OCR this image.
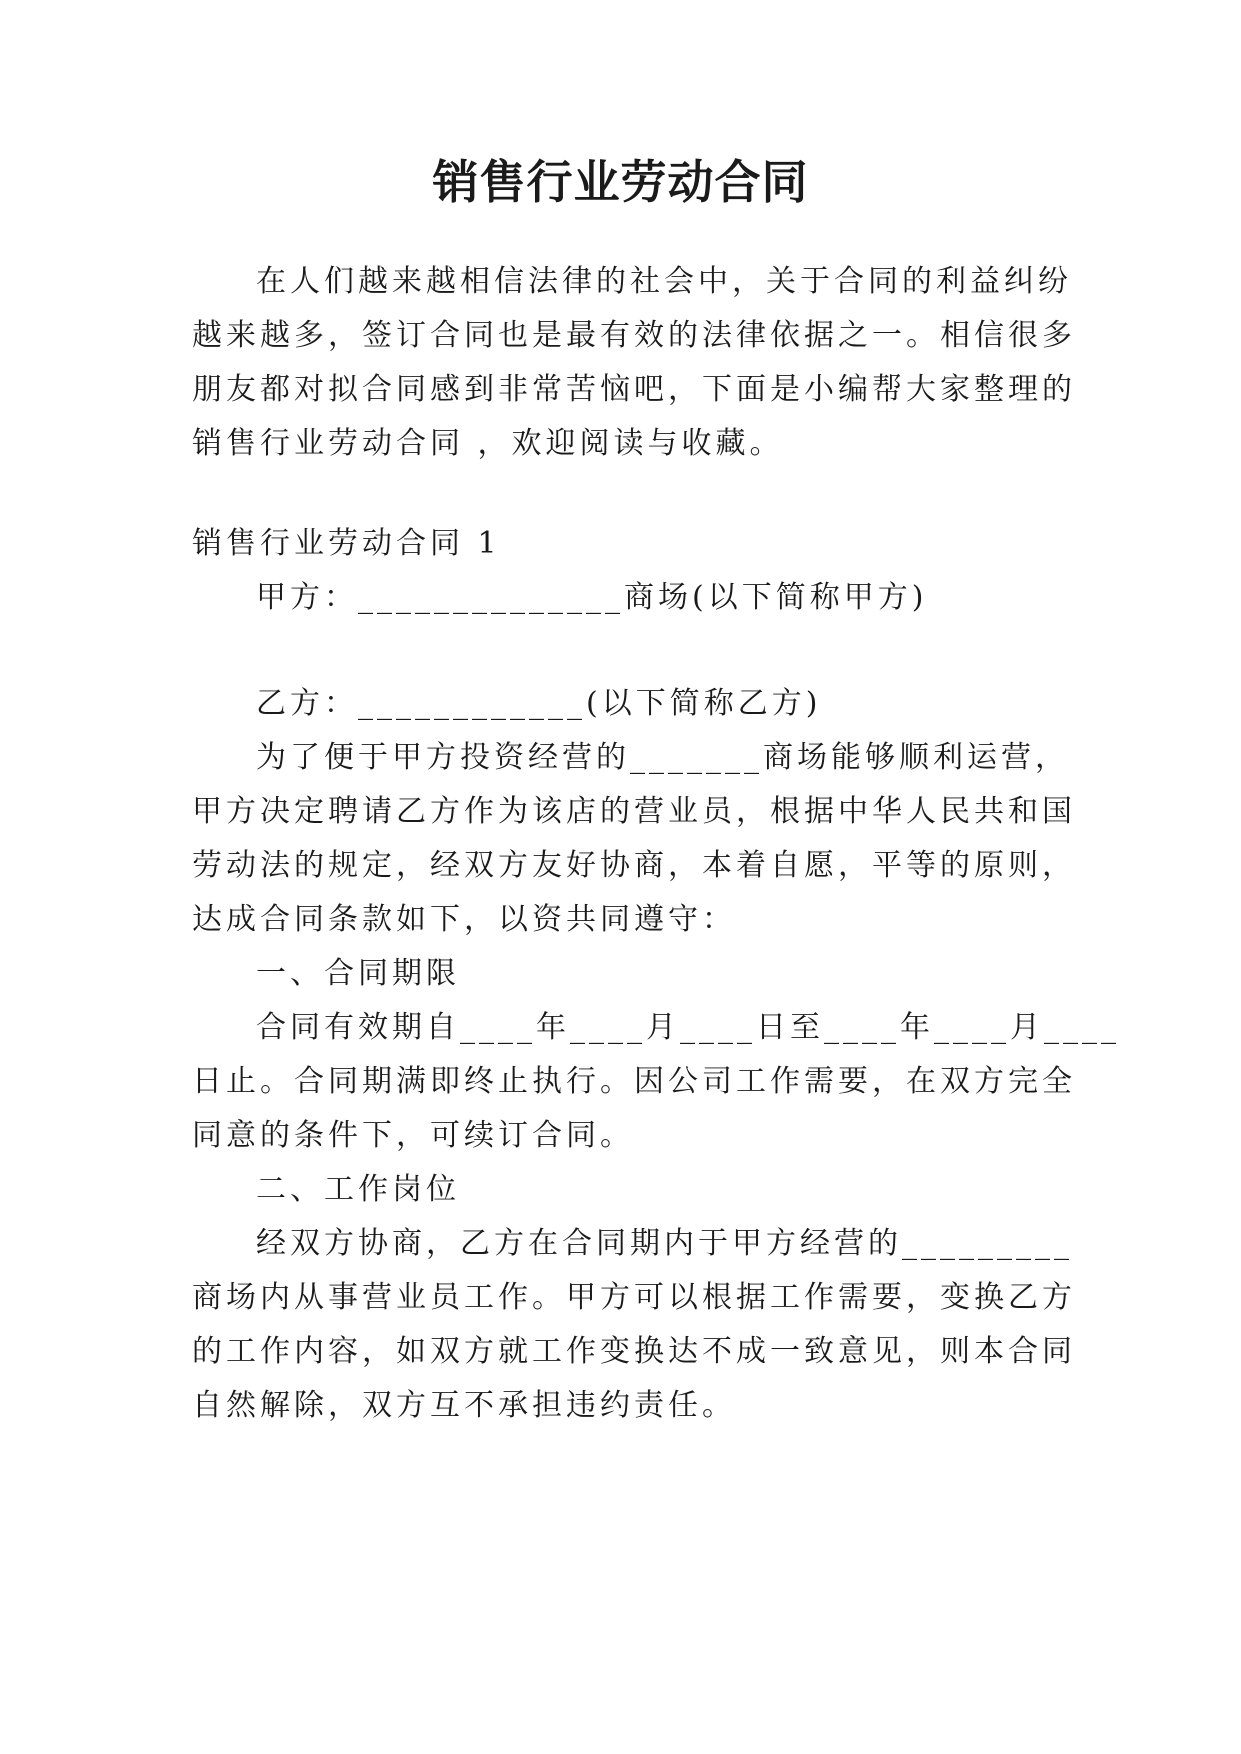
销售行业劳动合同
在人们越来越相信法律的社会中，关于合同的利益纠纷
越来越多，签订合同也是最有效的法律依据之一。相信很多
朋友都对拟合同感到非常苦恼吧，下面是小编帮大家整理的
销售行业劳动合同 ，欢迎阅读与收藏。
销售行业劳动合同 1
甲方：______________商场(以下简称甲方)
乙方：____________(以下简称乙方)
为了便于甲方投资经营的_______商场能够顺利运营，
甲方决定聘请乙方作为该店的营业员，根据中华人民共和国
劳动法的规定，经双方友好协商，本着自愿，平等的原则，
达成合同条款如下，以资共同遵守：
一、合同期限
合同有效期自____年____月____日至____年____月____
日止。合同期满即终止执行。因公司工作需要，在双方完全
同意的条件下，可续订合同。
二、工作岗位
经双方协商，乙方在合同期内于甲方经营的_________
商场内从事营业员工作。甲方可以根据工作需要，变换乙方
的工作内容，如双方就工作变换达不成一致意见，则本合同
自然解除，双方互不承担违约责任。
